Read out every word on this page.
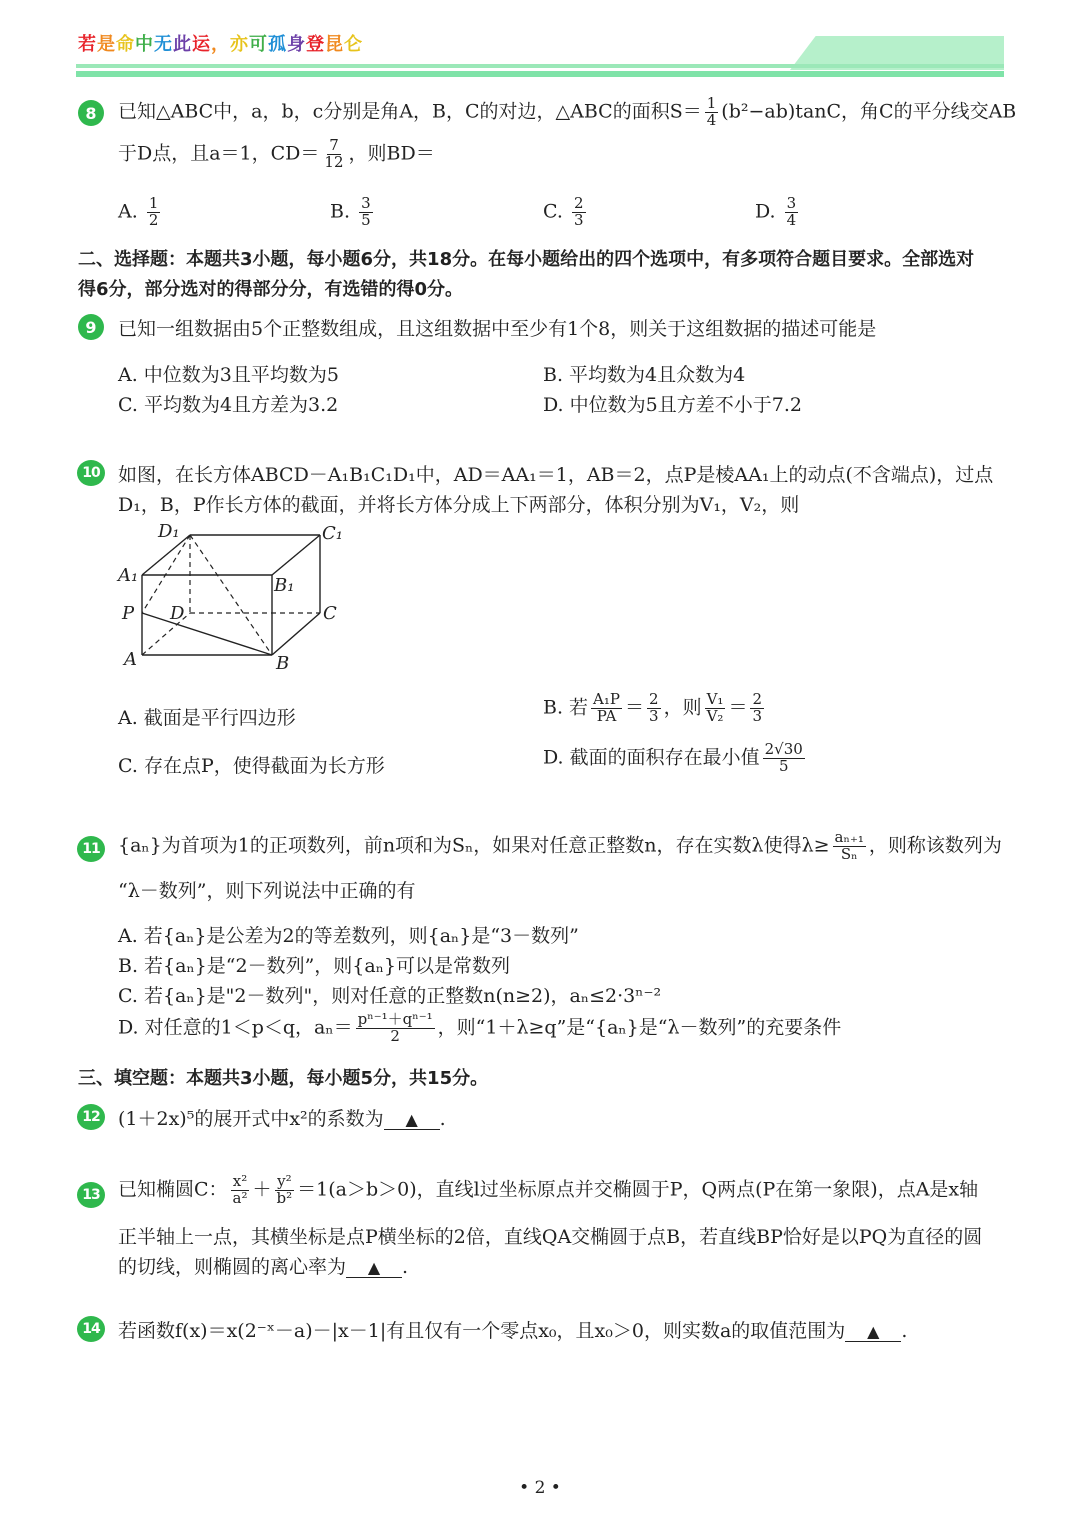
若是命中无此运，亦可孤身登昆仑
8	已知△ABC中，a，b，c分别是角A，B，C的对边，△ABC的面积$S= \frac{1}{4} (b^2-ab)\tan C$，角C的平分线交AB
于D点，且a＝1，$CD= \frac{7}{12}$ ，则BD＝
A. $\frac{1}{2}$	B. $\frac{3}{5}$	C. $\frac{2}{3}$	D. $\frac{3}{4}$
二、选择题：本题共3小题，每小题6分，共18分。在每小题给出的四个选项中，有多项符合题目要求。全部选对
得6分，部分选对的得部分分，有选错的得0分。
9	已知一组数据由5个正整数组成，且这组数据中至少有1个8，则关于这组数据的描述可能是
A. 中位数为3且平均数为5	B. 平均数为4且众数为4
C. 平均数为4且方差为3.2	D. 中位数为5且方差不小于7.2
10 如图，在长方体ABCD－A₁B₁C₁D₁中，AD＝AA₁＝1，AB＝2，点P是棱AA₁上的动点(不含端点)，过点
D₁，B，P作长方体的截面，并将长方体分成上下两部分，体积分别为V₁，V₂，则
D₁	C₁
A₁	B₁
P D	C
A	B
A. 截面是平行四边形	B. 若 $\frac{\text{A₁P}}{PA} = \frac{2}{3}$ ，则 $\frac{\text{V₁}}{\text{V₂}} = \frac{2}{3}$
C. 存在点P，使得截面为长方形	D. 截面的面积存在最小值 $\frac{2√30}{5}$
11 {aₙ}为首项为1的正项数列，前n项和为Sₙ，如果对任意正整数n，存在实数λ使得$\lambda\ge \frac{\text{aₙ₊₁}}{\text{Sₙ}}$ ，则称该数列为
“λ－数列”，则下列说法中正确的有
A. 若{aₙ}是公差为2的等差数列，则{aₙ}是“3－数列”
B. 若{aₙ}是“2－数列”，则{aₙ}可以是常数列
C. 若{aₙ}是"2－数列"，则对任意的正整数n(n≥2)，aₙ≤2·3ⁿ⁻²
D. 对任意的1＜p＜q，$a_n= \frac{\text{pⁿ⁻¹＋qⁿ⁻¹}}{2}$ ，则“1＋λ≥q”是“{aₙ}是“λ－数列”的充要条件
三、填空题：本题共3小题，每小题5分，共15分。
12 (1＋2x)⁵的展开式中x²的系数为 ▲ .
13 已知椭圆C： $\frac{\text{x²}}{\text{a²}} + \frac{\text{y²}}{\text{b²}} =1(a>b>0)$，直线l过坐标原点并交椭圆于P，Q两点(P在第一象限)，点A是x轴
正半轴上一点，其横坐标是点P横坐标的2倍，直线QA交椭圆于点B，若直线BP恰好是以PQ为直径的圆
的切线，则椭圆的离心率为 ▲ .
14 若函数f(x)＝x(2⁻ˣ－a)－|x－1|有且仅有一个零点x₀，且x₀＞0，则实数a的取值范围为 ▲ .
• 2 •
